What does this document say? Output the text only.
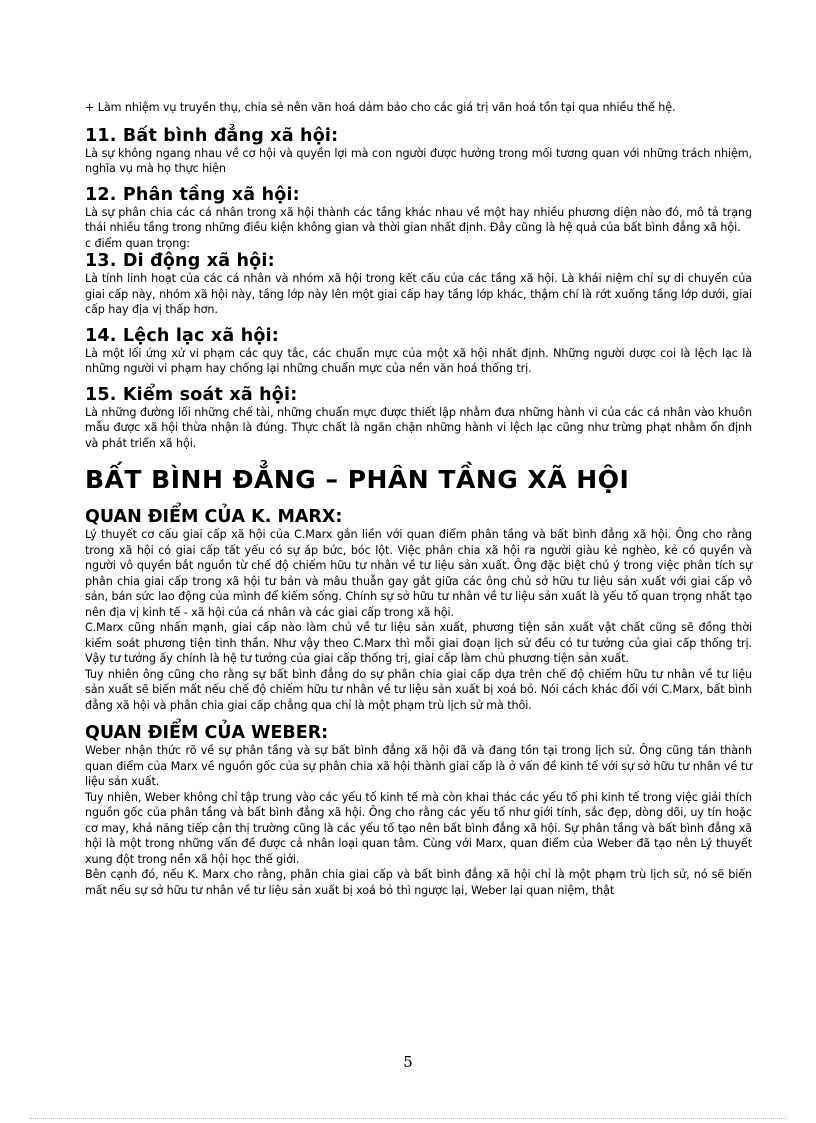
+ Làm nhiệm vụ truyền thụ, chia sẻ nên văn hoá dảm bảo cho các giá trị văn hoá tồn tại qua nhiều thế hệ.

11. Bất bình đẳng xã hội:

Là sự không ngang nhau về cơ hội và quyền lợi mà con người được hưởng trong mối tương quan với những trách nhiệm, nghĩa vụ mà họ thực hiện

12. Phân tầng xã hội:

Là sự phân chia các cá nhân trong xã hội thành các tầng khác nhau về một hay nhiều phương diện nào đó, mô tả trạng thái nhiều tầng trong những điều kiện không gian và thời gian nhất định. Đây cũng là hệ quả của bất bình đẳng xã hội.

c điểm quan trọng:

13. Di động xã hội:

Là tính linh hoạt của các cá nhân và nhóm xã hội trong kết cấu của các tầng xã hội. Là khái niệm chỉ sự di chuyển của giai cấp này, nhóm xã hội này, tầng lớp này lên một giai cấp hay tầng lớp khác, thậm chí là rớt xuống tầng lớp dưới, giai cấp hay địa vị thấp hơn.

14. Lệch lạc xã hội:

Là một lối ứng xử vi phạm các quy tắc, các chuẩn mực của một xã hội nhất định. Những người dược coi là lệch lạc là những người vi phạm hay chống lại những chuẩn mực của nền văn hoá thống trị.

15. Kiểm soát xã hội:

Là những đường lối những chế tài, những chuẩn mực được thiết lập nhằm đưa những hành vi của các cá nhân vào khuôn mẫu được xã hội thừa nhận là đúng. Thực chất là ngăn chặn những hành vi lệch lạc cũng như trừng phạt nhằm ổn định và phát triển xã hội.

BẤT BÌNH ĐẲNG – PHÂN TẦNG XÃ HỘI
QUAN ĐIỂM CỦA K. MARX:

Lý thuyết cơ cấu giai cấp xã hội của C.Marx gắn liền với quan điểm phân tầng và bất bình đẳng xã hội. Ông cho rằng trong xã hội có giai cấp tất yếu có sự áp bức, bóc lột. Việc phân chia xã hội ra người giàu kẻ nghèo, kẻ có quyền và người vô quyền bắt nguồn từ chế độ chiếm hữu tư nhân về tư liệu sản xuất. Ông đặc biệt chú ý trong việc phân tích sự phân chia giai cấp trong xã hội tư bản và mâu thuẫn gay gắt giữa các ông chủ sở hữu tư liệu sản xuất với giai cấp vô sản, bán sức lao động của mình để kiếm sống. Chính sự sở hữu tư nhân về tư liệu sản xuất là yếu tố quan trọng nhất tạo nên địa vị kinh tế - xã hội của cá nhân và các giai cấp trong xã hội.

C.Marx cũng nhấn mạnh, giai cấp nào làm chủ về tư liệu sản xuất, phương tiện sản xuất vật chất cũng sẽ đồng thời kiểm soát phương tiện tinh thần. Như vậy theo C.Marx thì mỗi giai đoạn lịch sử đều có tư tưởng của giai cấp thống trị. Vậy tư tưởng ấy chính là hệ tư tưởng của giai cấp thống trị, giai cấp làm chủ phương tiện sản xuất.

Tuy nhiên ông cũng cho rằng sự bất bình đẳng do sự phân chia giai cấp dựa trên chế độ chiếm hữu tư nhân về tư liệu sản xuất sẽ biến mất nếu chế độ chiếm hữu tư nhân về tư liệu sản xuất bị xoá bỏ. Nói cách khác đối với C.Marx, bất bình đẳng xã hội và phân chia giai cấp chẳng qua chỉ là một phạm trù lịch sử mà thôi.

QUAN ĐIỂM CỦA WEBER:

Weber nhận thức rõ về sự phân tầng và sự bất bình đẳng xã hội đã và đang tồn tại trong lịch sử. Ông cũng tán thành quan điểm của Marx về nguồn gốc của sự phân chia xã hội thành giai cấp là ở vấn đề kinh tế với sự sở hữu tư nhân về tư liệu sản xuất.

Tuy nhiên, Weber không chỉ tập trung vào các yếu tố kinh tế mà còn khai thác các yếu tố phi kinh tế trong việc giải thích nguồn gốc của phân tầng và bất bình đẳng xã hội. Ông cho rằng các yếu tố như giới tính, sắc đẹp, dòng dõi, uy tín hoặc cơ may, khả năng tiếp cận thị trường cũng là các yếu tố tạo nên bất bình đẳng xã hội. Sự phân tầng và bất bình đẳng xã hội là một trong những vấn đề được cả nhân loại quan tâm. Cùng với Marx, quan điểm của Weber đã tạo nên Lý thuyết xung đột trong nền xã hội học thế giới.

Bên cạnh đó, nếu K. Marx cho rằng, phân chia giai cấp và bất bình đẳng xã hội chỉ là một phạm trù lịch sử, nó sẽ biến mất nếu sự sở hữu tư nhân về tư liệu sản xuất bị xoá bỏ thì ngược lại, Weber lại quan niệm, thật

5
